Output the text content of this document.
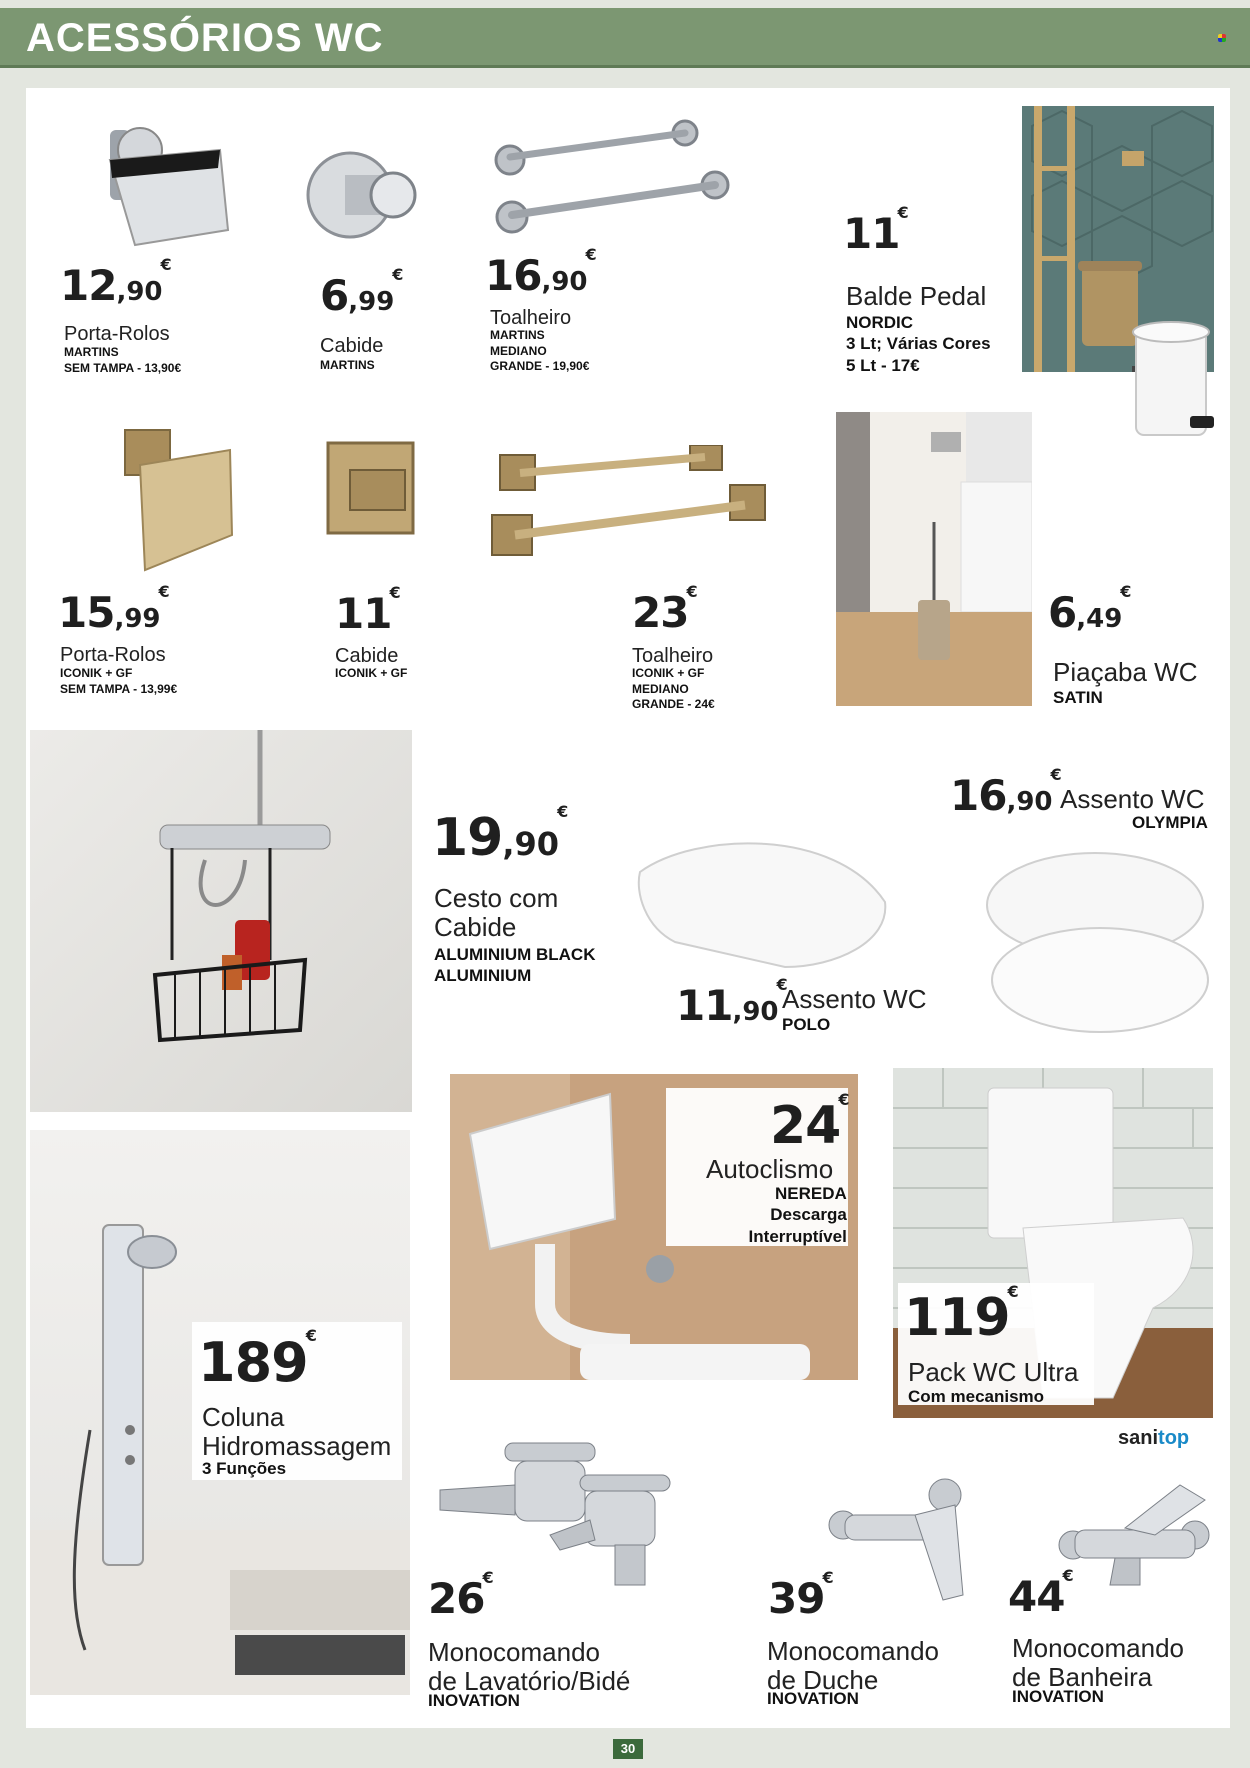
ACESSÓRIOS WC
12,90€
Porta-Rolos
MARTINS
SEM TAMPA - 13,90€
6,99€
Cabide
MARTINS
16,90€
Toalheiro
MARTINS
MEDIANO
GRANDE - 19,90€
11€
Balde Pedal
NORDIC
3 Lt; Várias Cores
5 Lt - 17€
15,99€
Porta-Rolos
ICONIK + GF
SEM TAMPA - 13,99€
11€
Cabide
ICONIK + GF
23€
Toalheiro
ICONIK + GF
MEDIANO
GRANDE - 24€
6,49€
Piaçaba WC
SATIN
19,90€
Cesto com
Cabide
ALUMINIUM BLACK
ALUMINIUM
16,90€
Assento WC
OLYMPIA
11,90€
Assento WC
POLO
24€
Autoclismo
NEREDA
Descarga
Interruptível
119€
Pack WC Ultra
Com mecanismo
sanitop
189€
Coluna
Hidromassagem
3 Funções
26€
Monocomando
de Lavatório/Bidé
INOVATION
39€
Monocomando
de Duche
INOVATION
44€
Monocomando
de Banheira
INOVATION
30
